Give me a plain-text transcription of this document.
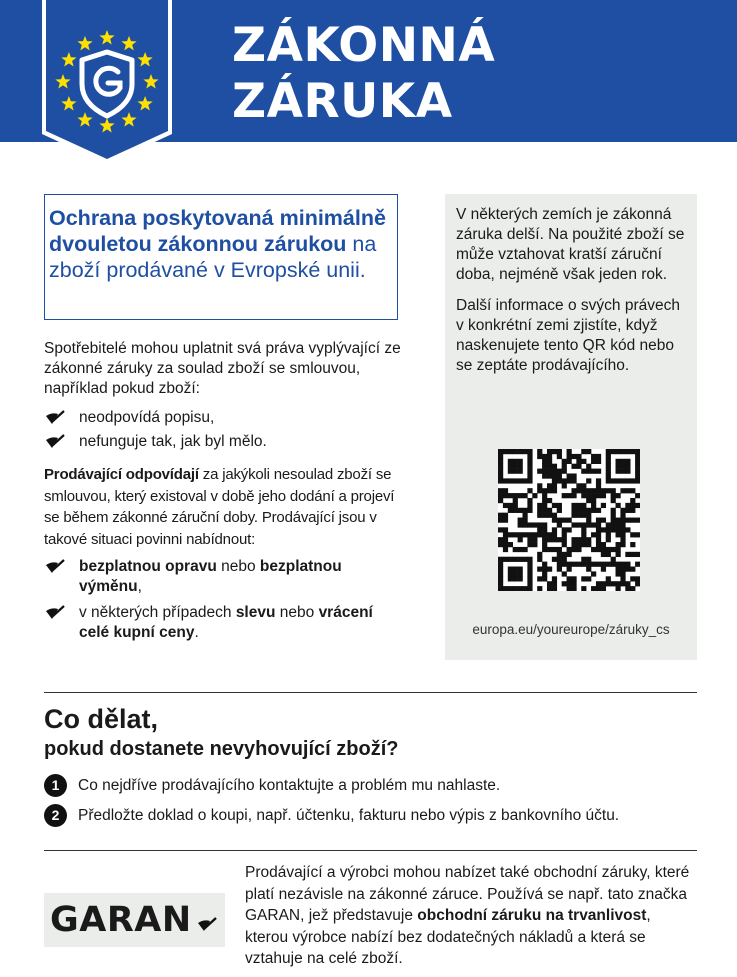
ZÁKONNÁ
ZÁRUKA
Ochrana poskytovaná minimálně dvouletou zákonnou zárukou na zboží prodávané v Evropské unii.
Spotřebitelé mohou uplatnit svá práva vyplývající ze zákonné záruky za soulad zboží se smlouvou, například pokud zboží:
neodpovídá popisu,
nefunguje tak, jak byl mělo.
Prodávající odpovídají za jakýkoli nesoulad zboží se smlouvou, který existoval v době jeho dodání a projeví se během zákonné záruční doby. Prodávající jsou v takové situaci povinni nabídnout:
bezplatnou opravu nebo bezplatnou výměnu,
v některých případech slevu nebo vrácení celé kupní ceny.

V některých zemích je zákonná záruka delší. Na použité zboží se může vztahovat kratší záruční doba, nejméně však jeden rok.

Další informace o svých právech v konkrétní zemi zjistíte, když naskenujete tento QR kód nebo se zeptáte prodávajícího.

europa.eu/youreurope/záruky_cs
Co dělat,
pokud dostanete nevyhovující zboží?
1	Co nejdříve prodávajícího kontaktujte a problém mu nahlaste.
2	Předložte doklad o koupi, např. účtenku, fakturu nebo výpis z bankovního účtu.
GARAN
Prodávající a výrobci mohou nabízet také obchodní záruky, které platí nezávisle na zákonné záruce. Používá se např. tato značka GARAN, jež představuje obchodní záruku na trvanlivost, kterou výrobce nabízí bez dodatečných nákladů a která se vztahuje na celé zboží.
